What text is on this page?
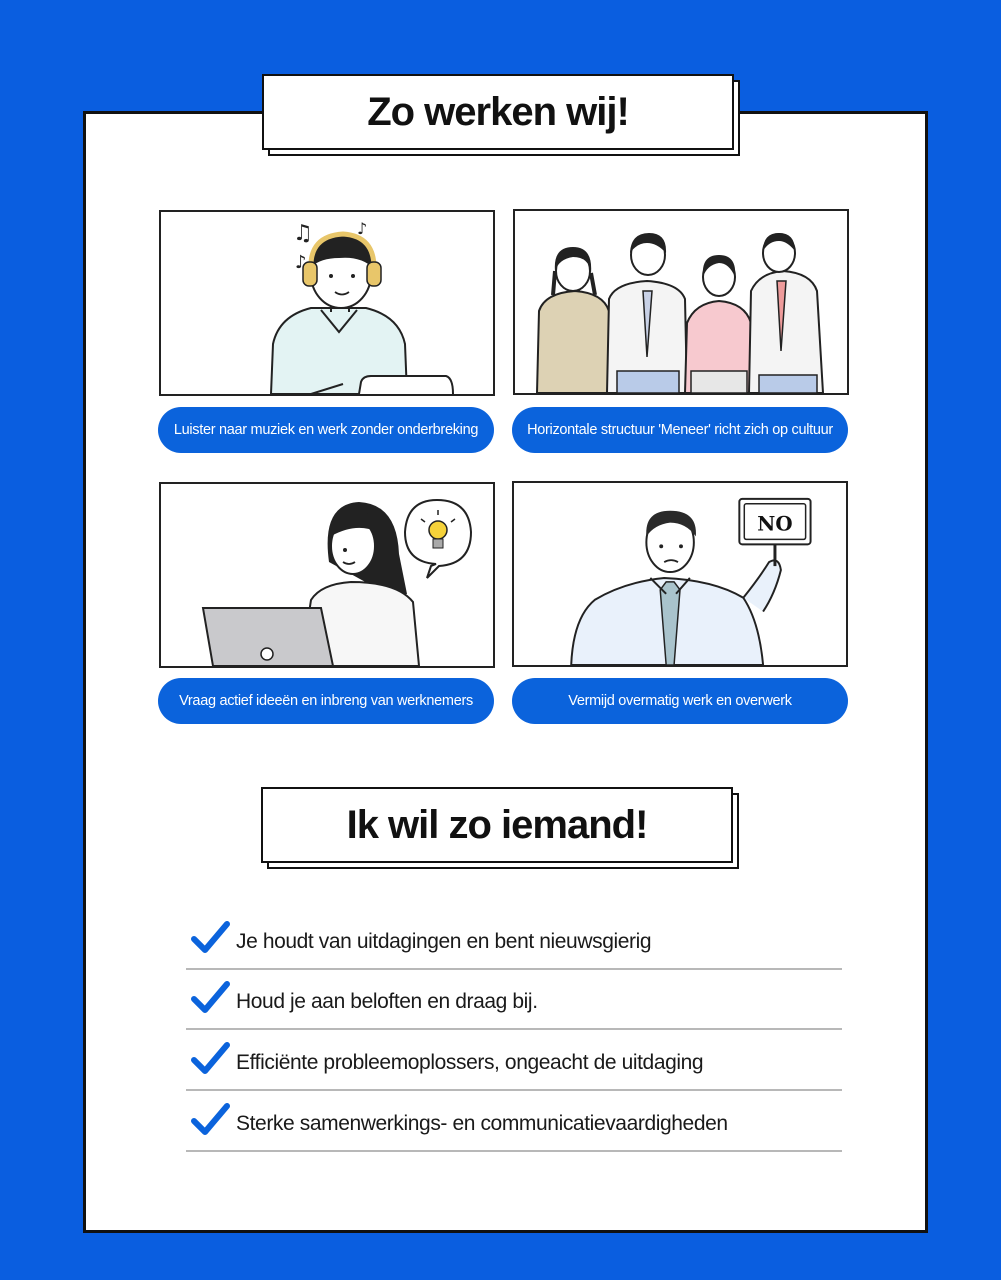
Zo werken wij!
♫
♪
♪
Luister naar muziek en werk zonder onderbreking	Horizontale structuur 'Meneer' richt zich op cultuur
Vraag actief ideeën en inbreng van werknemers
NO
Vermijd overmatig werk en overwerk
Ik wil zo iemand!
Je houdt van uitdagingen en bent nieuwsgierig
Houd je aan beloften en draag bij.
Efficiënte probleemoplossers, ongeacht de uitdaging
Sterke samenwerkings- en communicatievaardigheden
